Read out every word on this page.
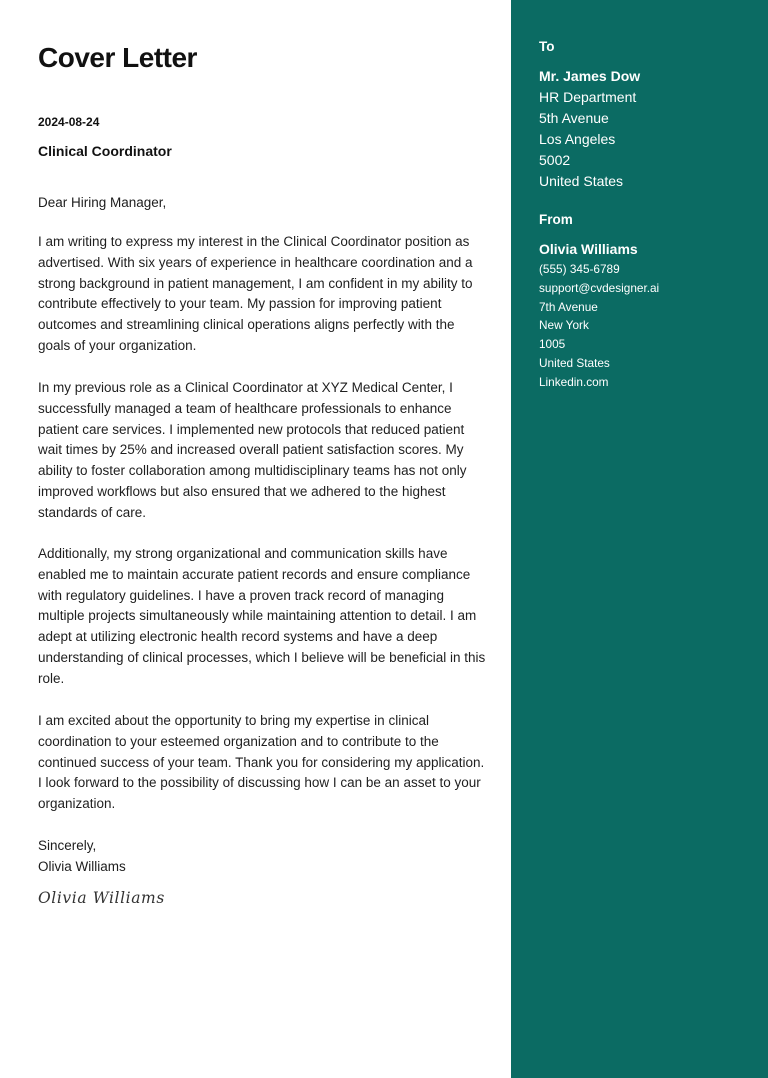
Cover Letter
2024-08-24
Clinical Coordinator
Dear Hiring Manager,

I am writing to express my interest in the Clinical Coordinator position as advertised. With six years of experience in healthcare coordination and a strong background in patient management, I am confident in my ability to contribute effectively to your team. My passion for improving patient outcomes and streamlining clinical operations aligns perfectly with the goals of your organization.

In my previous role as a Clinical Coordinator at XYZ Medical Center, I successfully managed a team of healthcare professionals to enhance patient care services. I implemented new protocols that reduced patient wait times by 25% and increased overall patient satisfaction scores. My ability to foster collaboration among multidisciplinary teams has not only improved workflows but also ensured that we adhered to the highest standards of care.

Additionally, my strong organizational and communication skills have enabled me to maintain accurate patient records and ensure compliance with regulatory guidelines. I have a proven track record of managing multiple projects simultaneously while maintaining attention to detail. I am adept at utilizing electronic health record systems and have a deep understanding of clinical processes, which I believe will be beneficial in this role.

I am excited about the opportunity to bring my expertise in clinical coordination to your esteemed organization and to contribute to the continued success of your team. Thank you for considering my application. I look forward to the possibility of discussing how I can be an asset to your organization.

Sincerely,
Olivia Williams
Olivia Williams
To
Mr. James Dow
HR Department
5th Avenue
Los Angeles
5002
United States
From
Olivia Williams
(555) 345-6789
support@cvdesigner.ai
7th Avenue
New York
1005
United States
Linkedin.com
